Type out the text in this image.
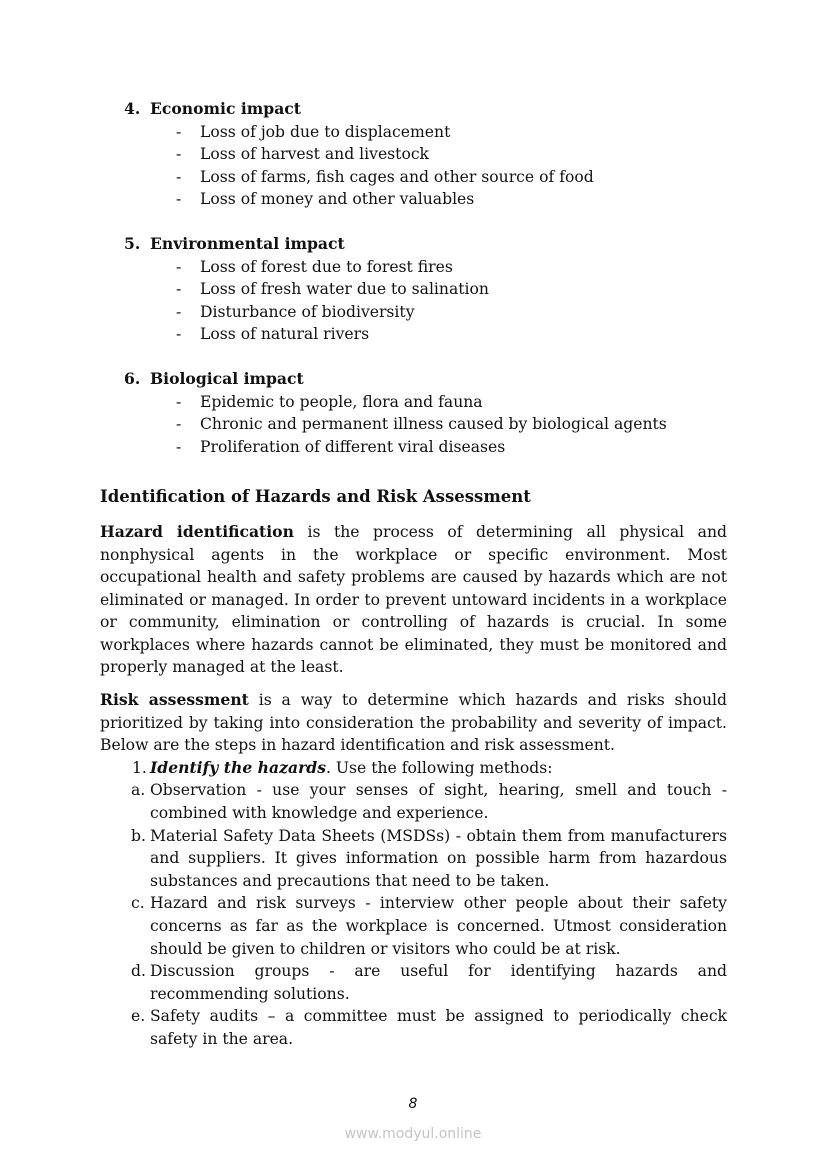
4. Economic impact
- Loss of job due to displacement
- Loss of harvest and livestock
- Loss of farms, fish cages and other source of food
- Loss of money and other valuables
5. Environmental impact
- Loss of forest due to forest fires
- Loss of fresh water due to salination
- Disturbance of biodiversity
- Loss of natural rivers
6. Biological impact
- Epidemic to people, flora and fauna
- Chronic and permanent illness caused by biological agents
- Proliferation of different viral diseases
Identification of Hazards and Risk Assessment

Hazard identification is the process of determining all physical and nonphysical agents in the workplace or specific environment. Most occupational health and safety problems are caused by hazards which are not eliminated or managed. In order to prevent untoward incidents in a workplace or community, elimination or controlling of hazards is crucial. In some workplaces where hazards cannot be eliminated, they must be monitored and properly managed at the least.

Risk assessment is a way to determine which hazards and risks should prioritized by taking into consideration the probability and severity of impact. Below are the steps in hazard identification and risk assessment.

1. Identify the hazards. Use the following methods:
a. Observation - use your senses of sight, hearing, smell and touch - combined with knowledge and experience.
b. Material Safety Data Sheets (MSDSs) - obtain them from manufacturers and suppliers. It gives information on possible harm from hazardous substances and precautions that need to be taken.
c. Hazard and risk surveys - interview other people about their safety concerns as far as the workplace is concerned. Utmost consideration should be given to children or visitors who could be at risk.
d. Discussion groups - are useful for identifying hazards and recommending solutions.
e. Safety audits – a committee must be assigned to periodically check safety in the area.
8
www.modyul.online
